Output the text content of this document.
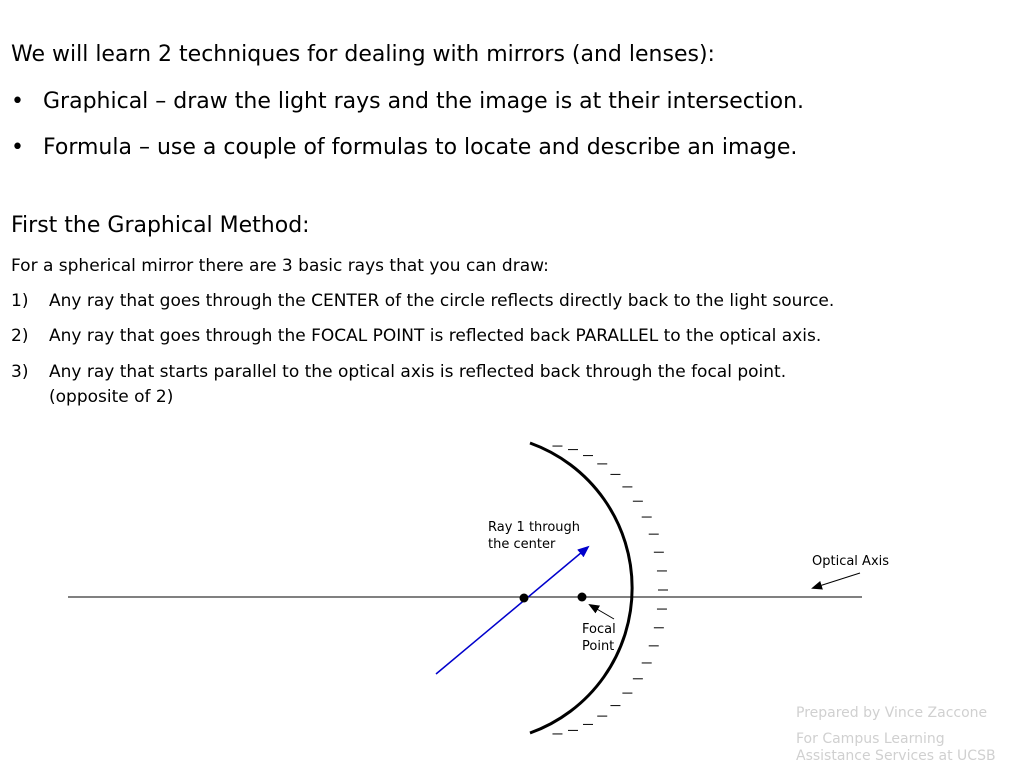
We will learn 2 techniques for dealing with mirrors (and lenses):
• Graphical – draw the light rays and the image is at their intersection.
• Formula – use a couple of formulas to locate and describe an image.
First the Graphical Method:
For a spherical mirror there are 3 basic rays that you can draw:
1) Any ray that goes through the CENTER of the circle reflects directly back to the light source.
2) Any ray that goes through the FOCAL POINT is reflected back PARALLEL to the optical axis.
3) Any ray that starts parallel to the optical axis is reflected back through the focal point.
(opposite of 2)
Ray 1 through
the center
Optical Axis
Focal
Point
Prepared by Vince Zaccone
For Campus Learning
Assistance Services at UCSB
